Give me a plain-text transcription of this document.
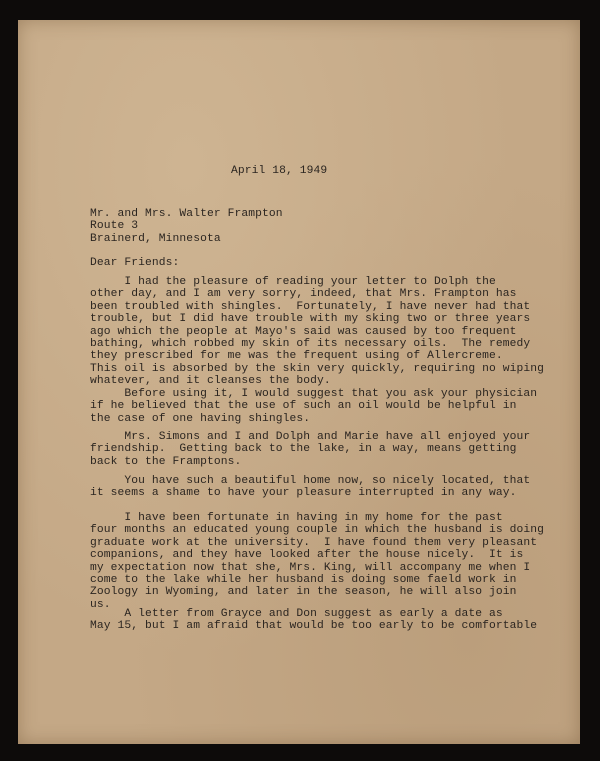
April 18, 1949

Mr. and Mrs. Walter Frampton
Route 3
Brainerd, Minnesota

Dear Friends:

I had the pleasure of reading your letter to Dolph the
other day, and I am very sorry, indeed, that Mrs. Frampton has
been troubled with shingles.  Fortunately, I have never had that
trouble, but I did have trouble with my sking two or three years
ago which the people at Mayo's said was caused by too frequent
bathing, which robbed my skin of its necessary oils.  The remedy
they prescribed for me was the frequent using of Allercreme.
This oil is absorbed by the skin very quickly, requiring no wiping
whatever, and it cleanses the body.
Before using it, I would suggest that you ask your physician
if he believed that the use of such an oil would be helpful in
the case of one having shingles.
Mrs. Simons and I and Dolph and Marie have all enjoyed your
friendship.  Getting back to the lake, in a way, means getting
back to the Framptons.
You have such a beautiful home now, so nicely located, that
it seems a shame to have your pleasure interrupted in any way.
I have been fortunate in having in my home for the past
four months an educated young couple in which the husband is doing
graduate work at the university.  I have found them very pleasant
companions, and they have looked after the house nicely.  It is
my expectation now that she, Mrs. King, will accompany me when I
come to the lake while her husband is doing some faeld work in
Zoology in Wyoming, and later in the season, he will also join
us.
A letter from Grayce and Don suggest as early a date as
May 15, but I am afraid that would be too early to be comfortable
